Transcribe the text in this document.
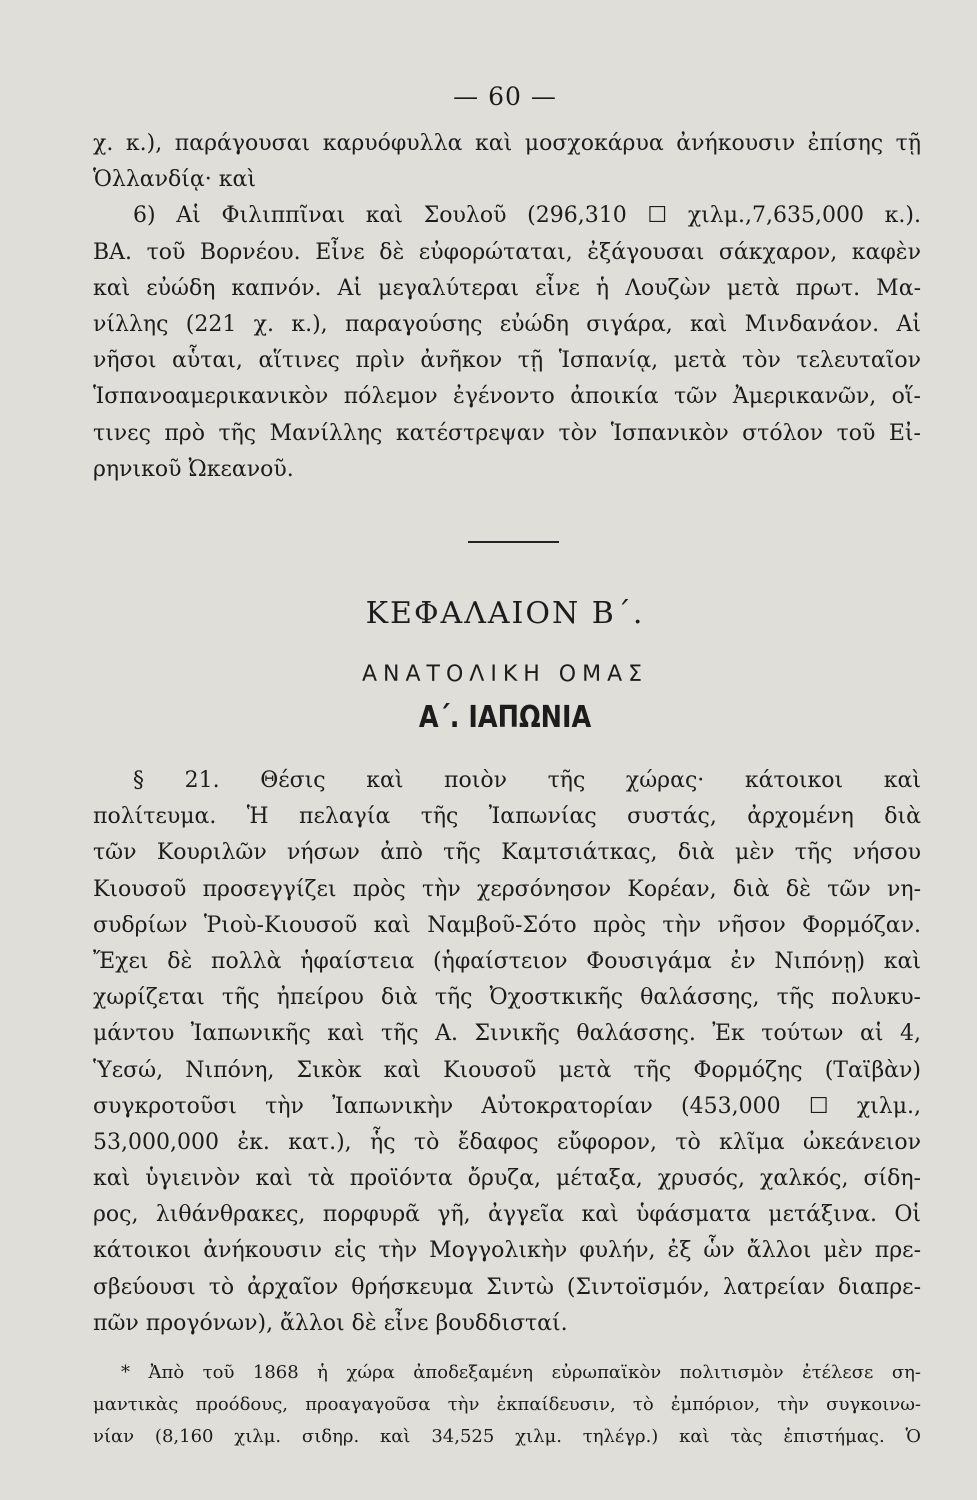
— 60 —
χ. κ.), παράγουσαι καρυόφυλλα καὶ μοσχοκάρυα ἀνήκουσιν ἐπίσης τῇ
Ὁλλανδίᾳ· καὶ
6) Αἱ Φιλιππῖναι καὶ Σουλοῦ (296,310 ☐ χιλμ.,7,635,000 κ.).
ΒΑ. τοῦ Βορνέου. Εἶνε δὲ εὐφορώταται, ἐξάγουσαι σάκχαρον, καφὲν
καὶ εὐώδη καπνόν. Αἱ μεγαλύτεραι εἶνε ἡ Λουζὼν μετὰ πρωτ. Μα-
νίλλης (221 χ. κ.), παραγούσης εὐώδη σιγάρα, καὶ Μινδανάον. Αἱ
νῆσοι αὗται, αἵτινες πρὶν ἀνῆκον τῇ Ἱσπανίᾳ, μετὰ τὸν τελευταῖον
Ἱσπανοαμερικανικὸν πόλεμον ἐγένοντο ἀποικία τῶν Ἀμερικανῶν, οἵ-
τινες πρὸ τῆς Μανίλλης κατέστρεψαν τὸν Ἱσπανικὸν στόλον τοῦ Εἰ-
ρηνικοῦ Ὠκεανοῦ.
ΚΕΦΑΛΑΙΟΝ Β΄.
ΑΝΑΤΟΛΙΚΗ ΟΜΑΣ
Α΄. ΙΑΠΩΝΙΑ
§ 21. Θέσις καὶ ποιὸν τῆς χώρας· κάτοικοι καὶ
πολίτευμα. Ἡ πελαγία τῆς Ἰαπωνίας συστάς, ἀρχομένη διὰ
τῶν Κουριλῶν νήσων ἀπὸ τῆς Καμτσιάτκας, διὰ μὲν τῆς νήσου
Κιουσοῦ προσεγγίζει πρὸς τὴν χερσόνησον Κορέαν, διὰ δὲ τῶν νη-
συδρίων Ῥιοὺ-Κιουσοῦ καὶ Ναμβοῦ-Σότο πρὸς τὴν νῆσον Φορμόζαν.
Ἔχει δὲ πολλὰ ἡφαίστεια (ἡφαίστειον Φουσιγάμα ἐν Νιπόνῃ) καὶ
χωρίζεται τῆς ἠπείρου διὰ τῆς Ὀχοστκικῆς θαλάσσης, τῆς πολυκυ-
μάντου Ἰαπωνικῆς καὶ τῆς Α. Σινικῆς θαλάσσης. Ἐκ τούτων αἱ 4,
Ὑεσώ, Νιπόνη, Σικὸκ καὶ Κιουσοῦ μετὰ τῆς Φορμόζης (Ταϊβὰν)
συγκροτοῦσι τὴν Ἰαπωνικὴν Αὐτοκρατορίαν (453,000 ☐ χιλμ.,
53,000,000 ἐκ. κατ.), ἧς τὸ ἔδαφος εὔφορον, τὸ κλῖμα ὠκεάνειον
καὶ ὑγιεινὸν καὶ τὰ προϊόντα ὄρυζα, μέταξα, χρυσός, χαλκός, σίδη-
ρος, λιθάνθρακες, πορφυρᾶ γῆ, ἀγγεῖα καὶ ὑφάσματα μετάξινα. Οἱ
κάτοικοι ἀνήκουσιν εἰς τὴν Μογγολικὴν φυλήν, ἐξ ὧν ἄλλοι μὲν πρε-
σβεύουσι τὸ ἀρχαῖον θρήσκευμα Σιντὼ (Σιντοϊσμόν, λατρείαν διαπρε-
πῶν προγόνων), ἄλλοι δὲ εἶνε βουδδισταί.
* Ἀπὸ τοῦ 1868 ἡ χώρα ἀποδεξαμένη εὐρωπαϊκὸν πολιτισμὸν ἐτέλεσε ση-
μαντικὰς προόδους, προαγαγοῦσα τὴν ἐκπαίδευσιν, τὸ ἐμπόριον, τὴν συγκοινω-
νίαν (8,160 χιλμ. σιδηρ. καὶ 34,525 χιλμ. τηλέγρ.) καὶ τὰς ἐπιστήμας. Ὁ
